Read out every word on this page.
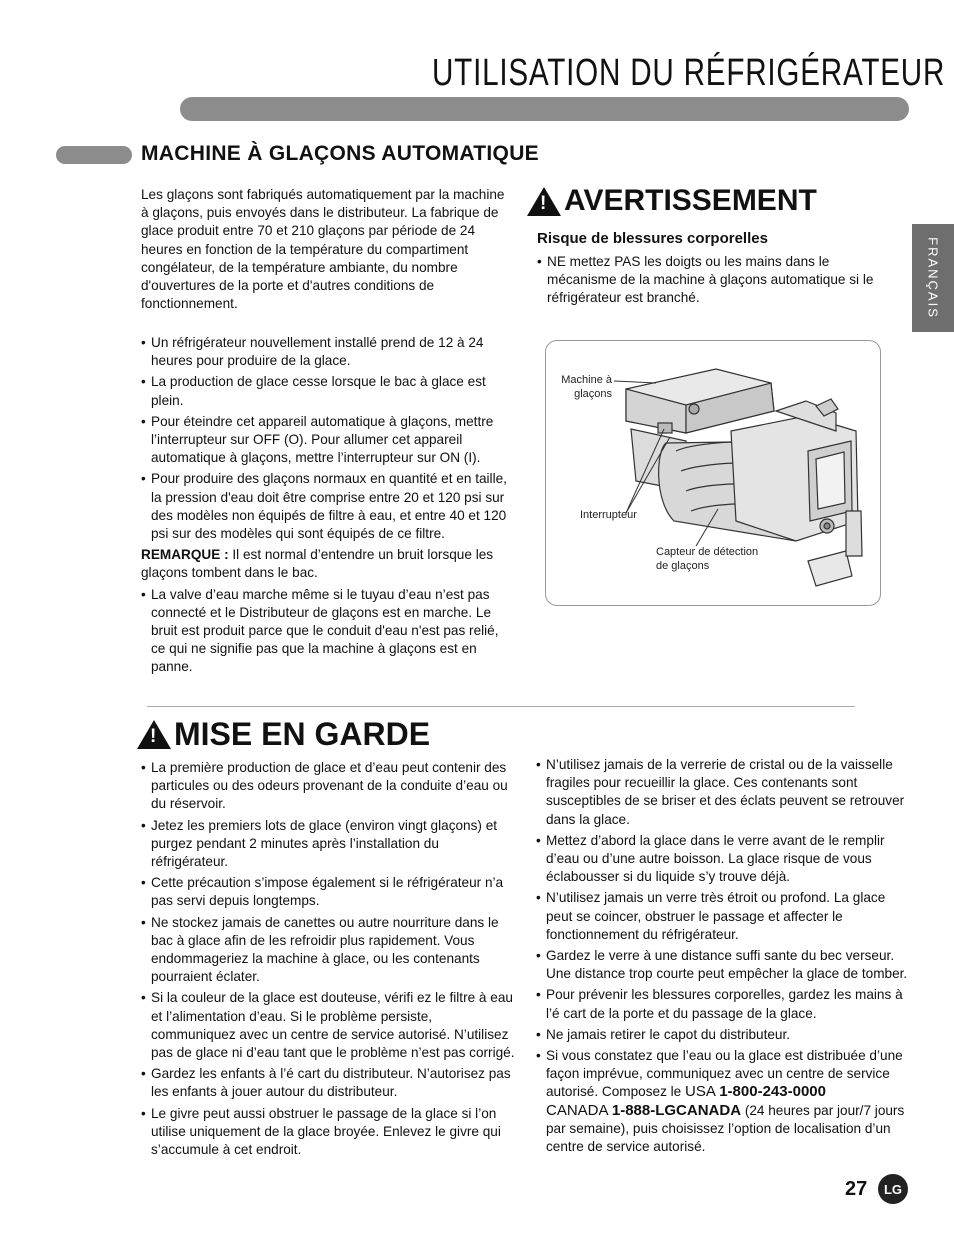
UTILISATION DU RÉFRIGÉRATEUR
FRANÇAIS
MACHINE À GLAÇONS AUTOMATIQUE

Les glaçons sont fabriqués automatiquement par la machine à glaçons, puis envoyés dans le distributeur. La fabrique de glace produit entre 70 et 210 glaçons par période de 24 heures en fonction de la température du compartiment congélateur, de la température ambiante, du nombre d'ouvertures de la porte et d'autres conditions de fonctionnement.

• Un réfrigérateur nouvellement installé prend de 12 à 24 heures pour produire de la glace.
• La production de glace cesse lorsque le bac à glace est plein.
• Pour éteindre cet appareil automatique à glaçons, mettre l’interrupteur sur OFF (O). Pour allumer cet appareil automatique à glaçons, mettre l’interrupteur sur ON (I).
• Pour produire des glaçons normaux en quantité et en taille, la pression d'eau doit être comprise entre 20 et 120 psi sur des modèles non équipés de filtre à eau, et entre 40 et 120 psi sur des modèles qui sont équipés de ce filtre.

REMARQUE : Il est normal d’entendre un bruit lorsque les glaçons tombent dans le bac.

• La valve d’eau marche même si le tuyau d’eau n’est pas connecté et le Distributeur de glaçons est en marche. Le bruit est produit parce que le conduit d'eau n'est pas relié, ce qui ne signifie pas que la machine à glaçons est en panne.
!
AVERTISSEMENT
Risque de blessures corporelles
• NE mettez PAS les doigts ou les mains dans le mécanisme de la machine à glaçons automatique si le réfrigérateur est branché.
Machine à
glaçons
Interrupteur
Capteur de détection
de glaçons
!
MISE EN GARDE
• La première production de glace et d’eau peut contenir des particules ou des odeurs provenant de la conduite d’eau ou du réservoir.
• Jetez les premiers lots de glace (environ vingt glaçons) et purgez pendant 2 minutes après l’installation du réfrigérateur.
• Cette précaution s’impose également si le réfrigérateur n’a pas servi depuis longtemps.
• Ne stockez jamais de canettes ou autre nourriture dans le bac à glace afin de les refroidir plus rapidement. Vous endommageriez la machine à glace, ou les contenants pourraient éclater.
• Si la couleur de la glace est douteuse, vérifi ez le filtre à eau et l’alimentation d’eau. Si le problème persiste, communiquez avec un centre de service autorisé. N’utilisez pas de glace ni d’eau tant que le problème n’est pas corrigé.
• Gardez les enfants à l’é cart du distributeur. N’autorisez pas les enfants à jouer autour du distributeur.
• Le givre peut aussi obstruer le passage de la glace si l’on utilise uniquement de la glace broyée. Enlevez le givre qui s’accumule à cet endroit.
• N’utilisez jamais de la verrerie de cristal ou de la vaisselle fragiles pour recueillir la glace. Ces contenants sont susceptibles de se briser et des éclats peuvent se retrouver dans la glace.
• Mettez d’abord la glace dans le verre avant de le remplir d’eau ou d’une autre boisson. La glace risque de vous éclabousser si du liquide s’y trouve déjà.
• N’utilisez jamais un verre très étroit ou profond. La glace peut se coincer, obstruer le passage et affecter le fonctionnement du réfrigérateur.
• Gardez le verre à une distance suffi sante du bec verseur. Une distance trop courte peut empêcher la glace de tomber.
• Pour prévenir les blessures corporelles, gardez les mains à l’é cart de la porte et du passage de la glace.
• Ne jamais retirer le capot du distributeur.
• Si vous constatez que l’eau ou la glace est distribuée d’une façon imprévue, communiquez avec un centre de service autorisé. Composez le USA 1-800-243-0000
CANADA 1-888-LGCANADA (24 heures par jour/7 jours par semaine), puis choisissez l’option de localisation d’un centre de service autorisé.
27	LG
